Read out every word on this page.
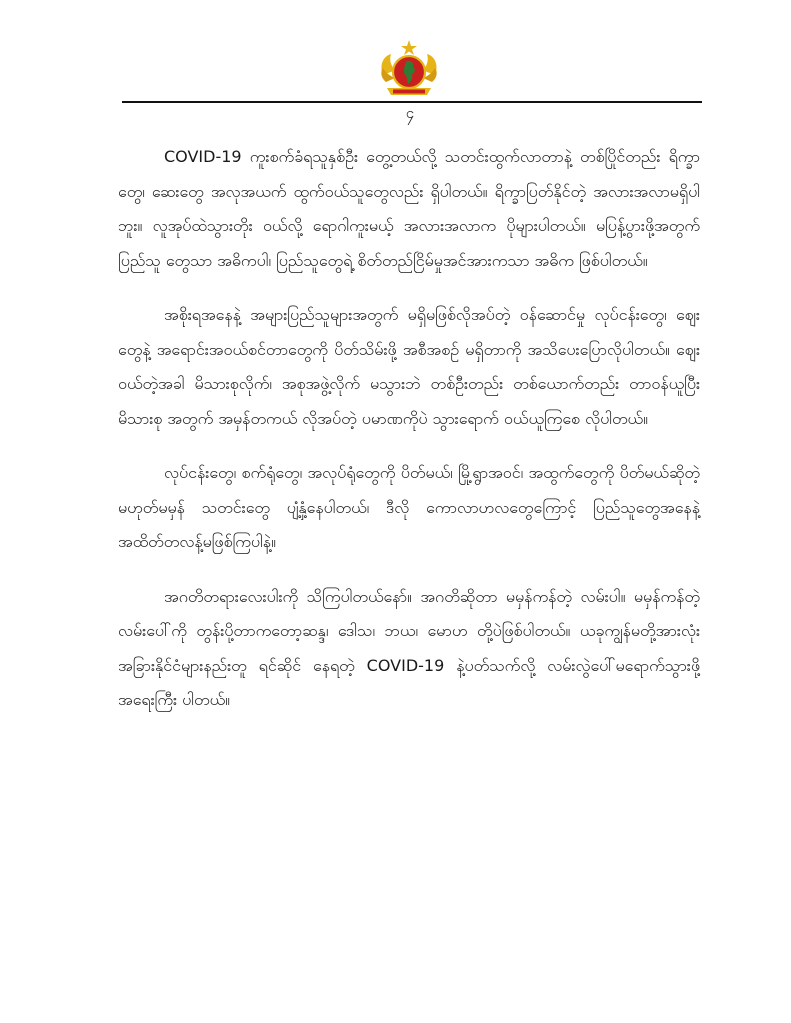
၄

COVID-19 ကူးစက်ခံရသူနှစ်ဦး တွေ့တယ်လို့ သတင်းထွက်လာတာနဲ့ တစ်ပြိုင်တည်း ရိက္ခာတွေ၊ ဆေးတွေ အလုအယက် ထွက်ဝယ်သူတွေလည်း ရှိပါတယ်။ ရိက္ခာပြတ်နိုင်တဲ့ အလားအလာမရှိပါဘူး။ လူအုပ်ထဲသွားတိုး ဝယ်လို့ ရောဂါကူးမယ့် အလားအလာက ပိုများပါတယ်။ မပြန့်ပွားဖို့အတွက် ပြည်သူ တွေသာ အဓိကပါ၊ ပြည်သူတွေရဲ့ စိတ်တည်ငြိမ်မှုအင်အားကသာ အဓိက ဖြစ်ပါတယ်။

အစိုးရအနေနဲ့ အများပြည်သူများအတွက် မရှိမဖြစ်လိုအပ်တဲ့ ဝန်ဆောင်မှု လုပ်ငန်းတွေ၊ ဈေးတွေနဲ့ အရောင်းအဝယ်စင်တာတွေကို ပိတ်သိမ်းဖို့ အစီအစဉ် မရှိတာကို အသိပေးပြောလိုပါတယ်။ ဈေးဝယ်တဲ့အခါ မိသားစုလိုက်၊ အစုအဖွဲ့လိုက် မသွားဘဲ တစ်ဦးတည်း တစ်ယောက်တည်း တာဝန်ယူပြီး မိသားစု အတွက် အမှန်တကယ် လိုအပ်တဲ့ ပမာဏကိုပဲ သွားရောက် ဝယ်ယူကြစေ လိုပါတယ်။

လုပ်ငန်းတွေ၊ စက်ရုံတွေ၊ အလုပ်ရုံတွေကို ပိတ်မယ်၊ မြို့ရွာအဝင်၊ အထွက်တွေကို ပိတ်မယ်ဆိုတဲ့ မဟုတ်မမှန် သတင်းတွေ ပျံ့နှံ့နေပါတယ်၊ ဒီလို ကောလာဟလတွေကြောင့် ပြည်သူတွေအနေနဲ့ အထိတ်တလန့်မဖြစ်ကြပါနဲ့။

အဂတိတရားလေးပါးကို သိကြပါတယ်နော်။ အဂတိဆိုတာ မမှန်ကန်တဲ့ လမ်းပါ။ မမှန်ကန်တဲ့လမ်းပေါ်ကို တွန်းပို့တာကတော့ဆန္ဒ၊ ဒေါသ၊ ဘယ၊ မောဟ တို့ပဲဖြစ်ပါတယ်။ ယခုကျွန်မတို့အားလုံး အခြားနိုင်ငံများနည်းတူ ရင်ဆိုင် နေရတဲ့ COVID-19 နဲ့ပတ်သက်လို့ လမ်းလွဲပေါ်မရောက်သွားဖို့ အရေးကြီး ပါတယ်။
